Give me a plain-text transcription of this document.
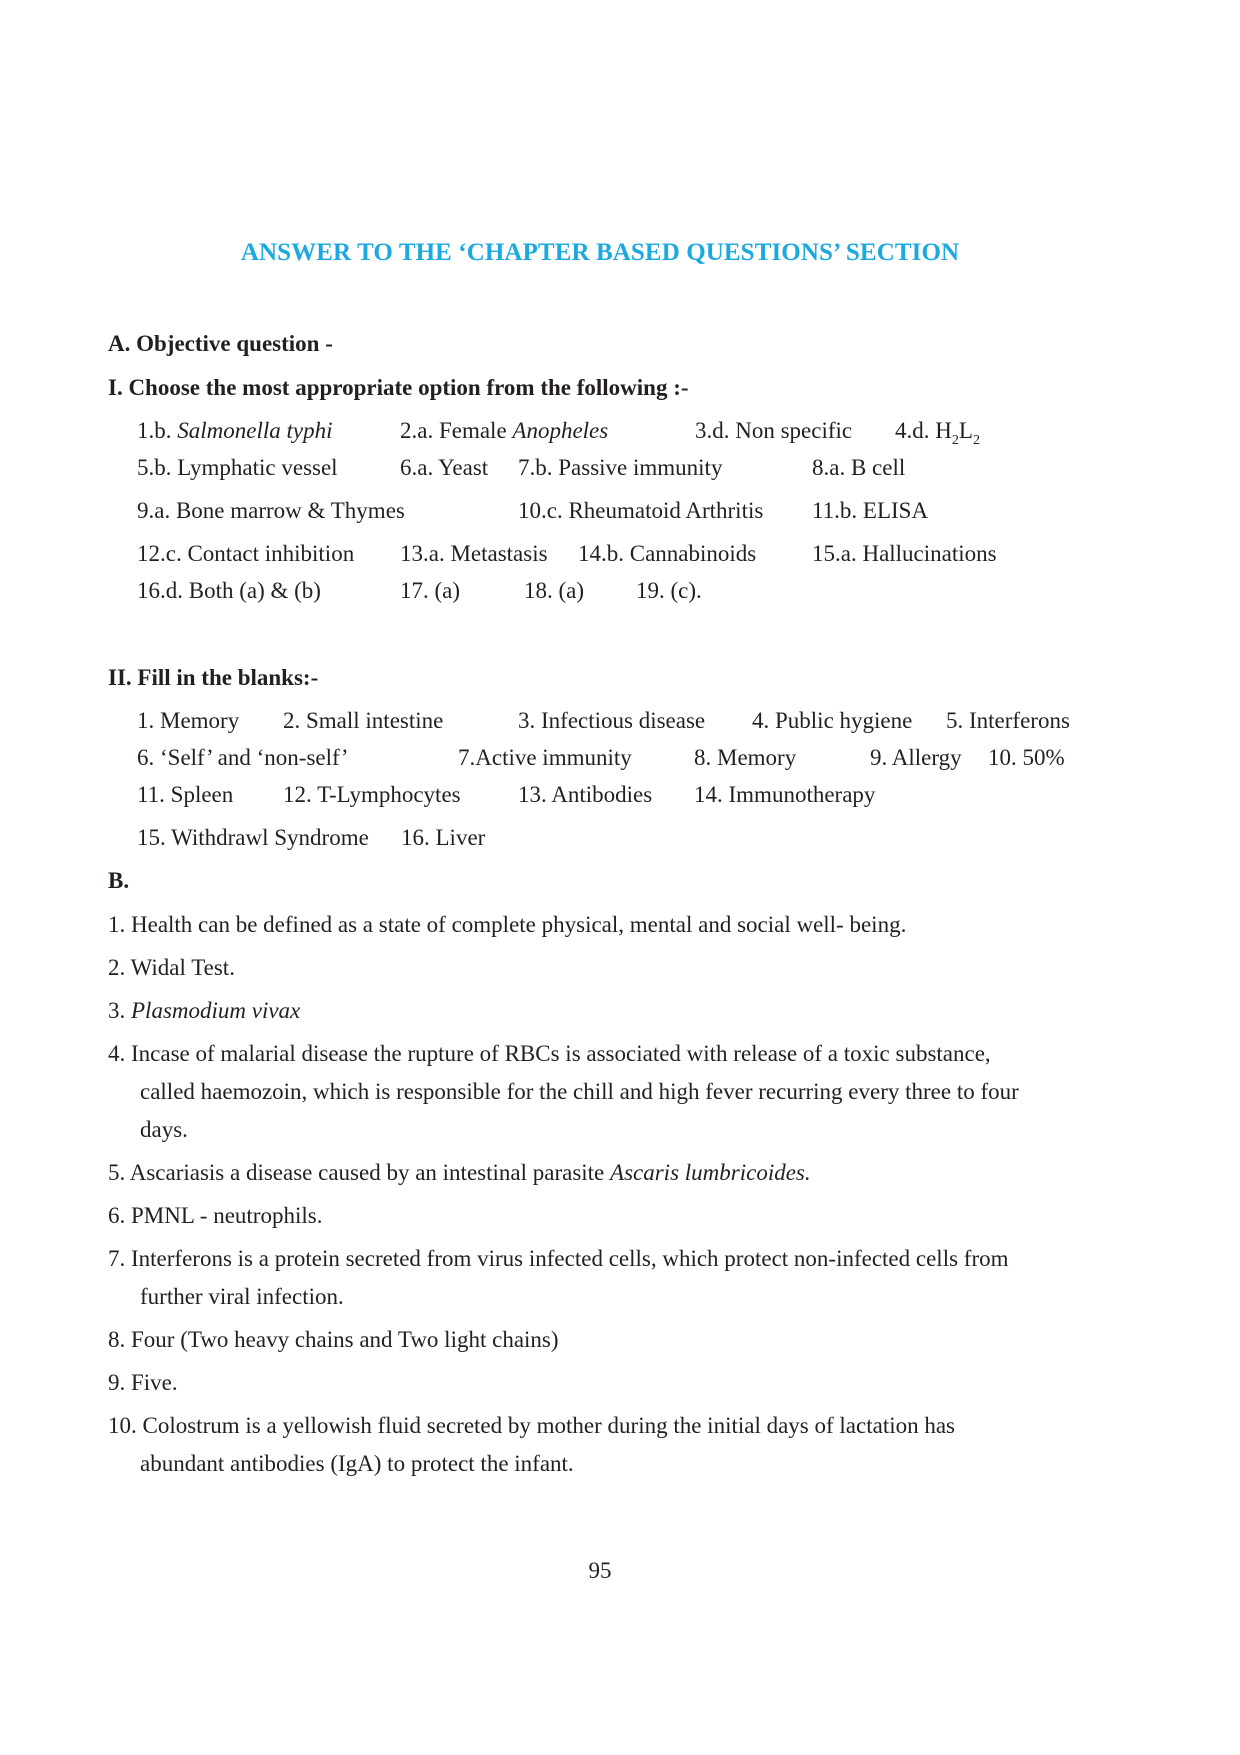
ANSWER TO THE ‘CHAPTER BASED QUESTIONS’ SECTION
A. Objective question -
I. Choose the most appropriate option from the following :-
1.b. Salmonella typhi	2.a. Female Anopheles	3.d. Non specific 4.d. $H_2L_2$
5.b. Lymphatic vessel	6.a. Yeast 7.b. Passive immunity	8.a. B cell
9.a. Bone marrow & Thymes	10.c. Rheumatoid Arthritis 11.b. ELISA
12.c. Contact inhibition 13.a. Metastasis 14.b. Cannabinoids 15.a. Hallucinations
16.d. Both (a) & (b)	17. (a)	18. (a) 19. (c).
II. Fill in the blanks:-
1. Memory 2. Small intestine	3. Infectious disease 4. Public hygiene 5. Interferons
6. ‘Self’ and ‘non-self’	7.Active immunity	8. Memory	9. Allergy 10. 50%
11. Spleen 12. T-Lymphocytes 13. Antibodies 14. Immunotherapy
15. Withdrawl Syndrome 16. Liver
B.
1. Health can be defined as a state of complete physical, mental and social well- being.
2. Widal Test.
3. Plasmodium vivax
4. Incase of malarial disease the rupture of RBCs is associated with release of a toxic substance,
called haemozoin, which is responsible for the chill and high fever recurring every three to four
days.
5. Ascariasis a disease caused by an intestinal parasite Ascaris lumbricoides.
6. PMNL - neutrophils.
7. Interferons is a protein secreted from virus infected cells, which protect non-infected cells from
further viral infection.
8. Four (Two heavy chains and Two light chains)
9. Five.
10. Colostrum is a yellowish fluid secreted by mother during the initial days of lactation has
abundant antibodies (IgA) to protect the infant.
95
